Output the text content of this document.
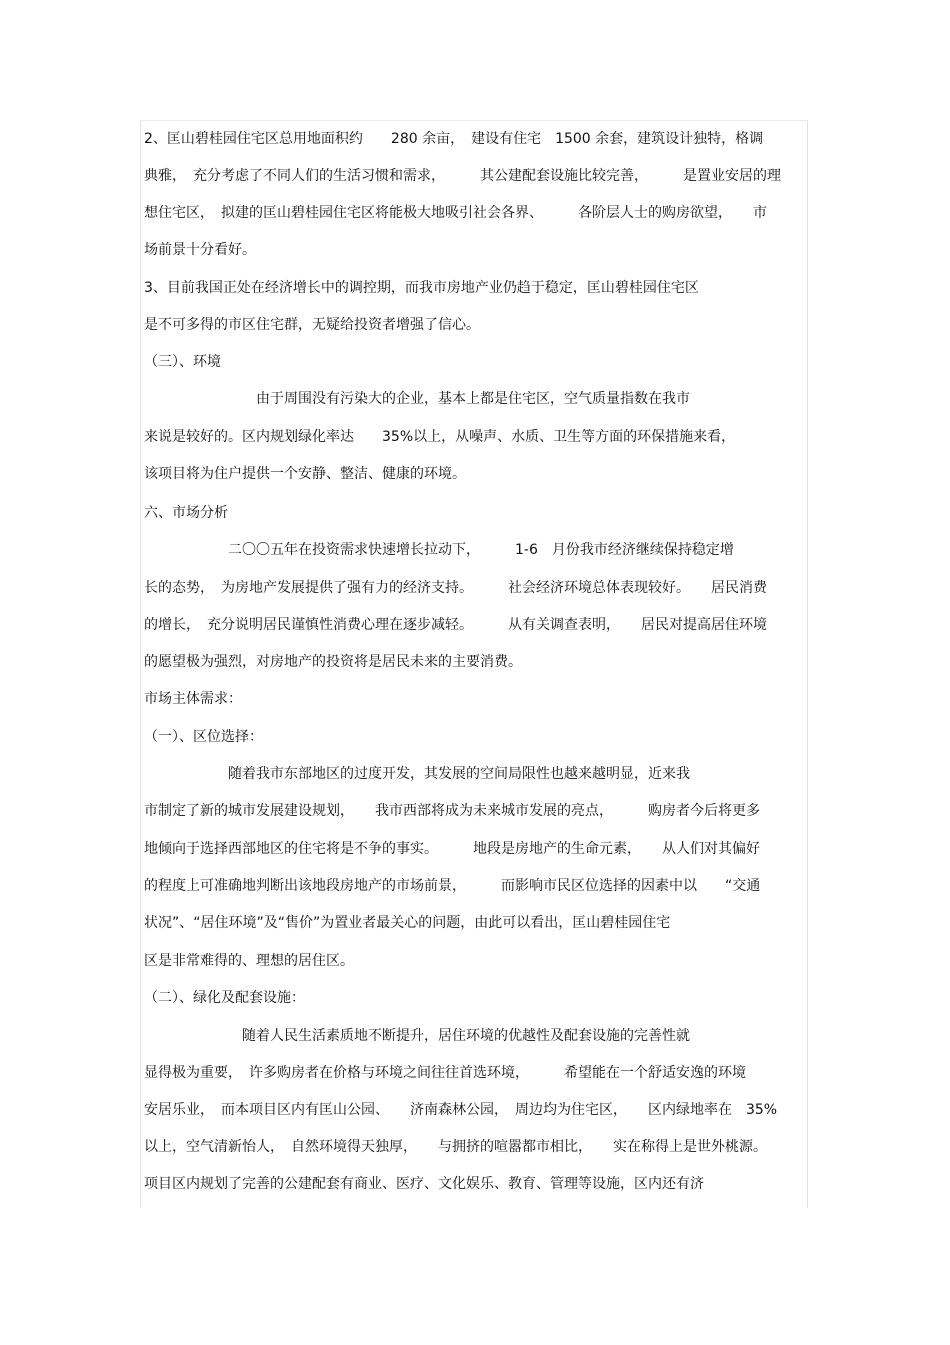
2、匡山碧桂园住宅区总用地面积约　　280 余亩，　建设有住宅　1500 余套，建筑设计独特，格调
典雅，　充分考虑了不同人们的生活习惯和需求，　　　其公建配套设施比较完善，　　　是置业安居的理
想住宅区，　拟建的匡山碧桂园住宅区将能极大地吸引社会各界、　　　各阶层人士的购房欲望，　　市
场前景十分看好。
3、目前我国正处在经济增长中的调控期，而我市房地产业仍趋于稳定，匡山碧桂园住宅区
是不可多得的市区住宅群，无疑给投资者增强了信心。
（三）、环境
　　　　　　　　由于周围没有污染大的企业，基本上都是住宅区，空气质量指数在我市
来说是较好的。区内规划绿化率达　　35%以上，从噪声、水质、卫生等方面的环保措施来看，
该项目将为住户提供一个安静、整洁、健康的环境。
六、市场分析
　　　　　　二〇〇五年在投资需求快速增长拉动下，　　　1-6　月份我市经济继续保持稳定增
长的态势，　为房地产发展提供了强有力的经济支持。　　　社会经济环境总体表现较好。　　居民消费
的增长，　充分说明居民谨慎性消费心理在逐步减轻。　　　从有关调查表明，　　居民对提高居住环境
的愿望极为强烈，对房地产的投资将是居民未来的主要消费。
市场主体需求：
（一）、区位选择：
　　　　　　随着我市东部地区的过度开发，其发展的空间局限性也越来越明显，近来我
市制定了新的城市发展建设规划，　　我市西部将成为未来城市发展的亮点，　　　购房者今后将更多
地倾向于选择西部地区的住宅将是不争的事实。　　　地段是房地产的生命元素，　　从人们对其偏好
的程度上可准确地判断出该地段房地产的市场前景，　　　而影响市民区位选择的因素中以　　“交通
状况”、“居住环境”及“售价”为置业者最关心的问题，由此可以看出，匡山碧桂园住宅
区是非常难得的、理想的居住区。
（二）、绿化及配套设施：
　　　　　　　随着人民生活素质地不断提升，居住环境的优越性及配套设施的完善性就
显得极为重要，　许多购房者在价格与环境之间往往首选环境，　　　希望能在一个舒适安逸的环境
安居乐业，　而本项目区内有匡山公园、　　济南森林公园，　周边均为住宅区，　　区内绿地率在　35%
以上，空气清新怡人，　自然环境得天独厚，　　与拥挤的喧嚣都市相比，　　实在称得上是世外桃源。
项目区内规划了完善的公建配套有商业、医疗、文化娱乐、教育、管理等设施，区内还有济
